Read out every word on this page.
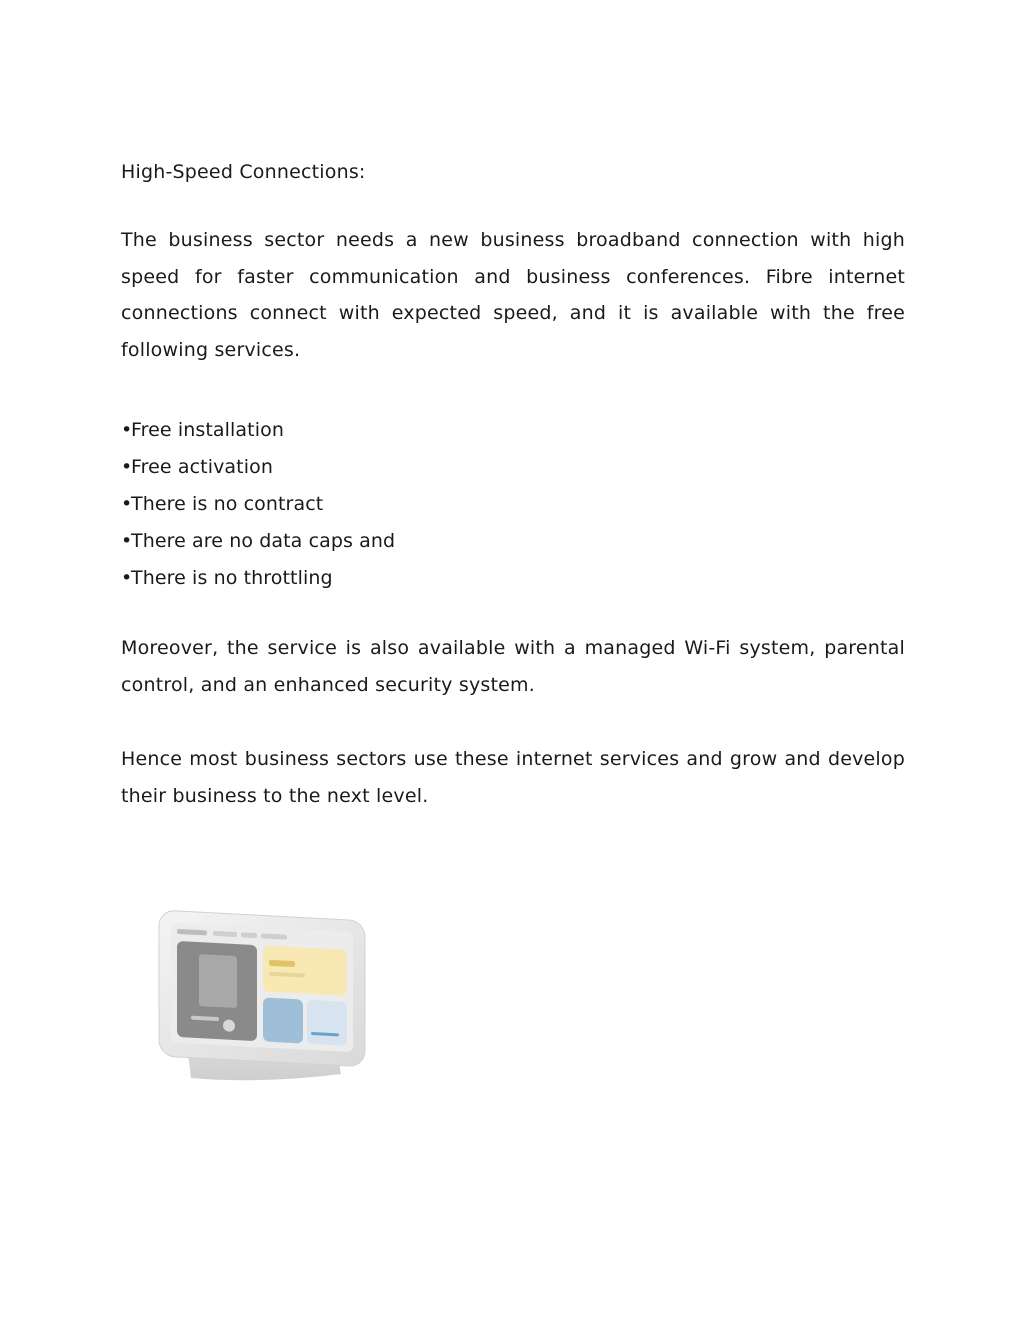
High-Speed Connections:

The business sector needs a new business broadband connection with high speed for faster communication and business conferences. Fibre internet connections connect with expected speed, and it is available with the free following services.

•Free installation
•Free activation
•There is no contract
•There are no data caps and
•There is no throttling

Moreover, the service is also available with a managed Wi-Fi system, parental control, and an enhanced security system.

Hence most business sectors use these internet services and grow and develop their business to the next level.
